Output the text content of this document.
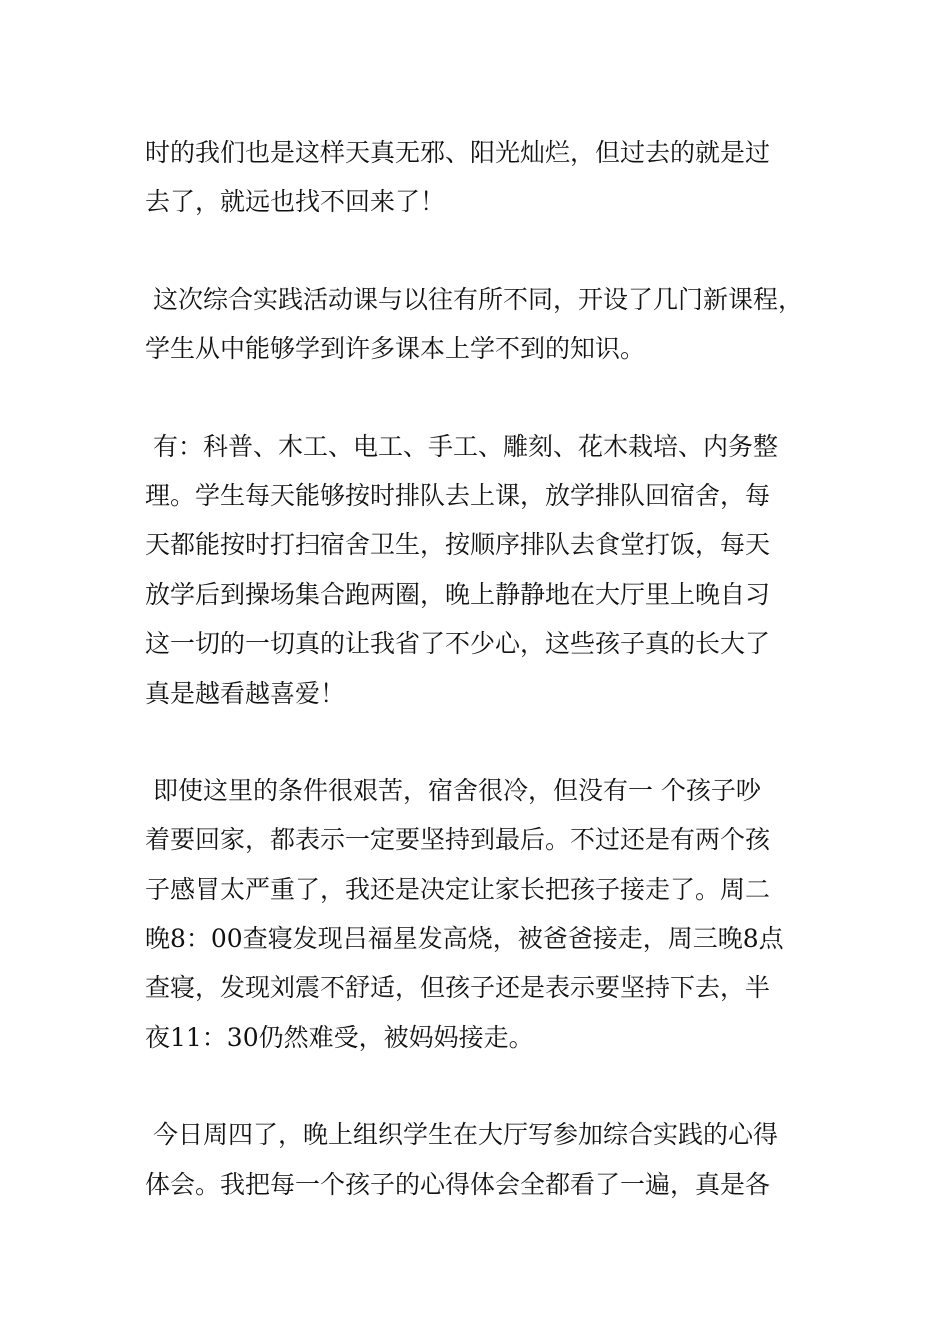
时的我们也是这样天真无邪、阳光灿烂，但过去的就是过
去了，就远也找不回来了！

这次综合实践活动课与以往有所不同，开设了几门新课程，
学生从中能够学到许多课本上学不到的知识。

有：科普、木工、电工、手工、雕刻、花木栽培、内务整
理。学生每天能够按时排队去上课，放学排队回宿舍，每
天都能按时打扫宿舍卫生，按顺序排队去食堂打饭，每天
放学后到操场集合跑两圈，晚上静静地在大厅里上晚自习
这一切的一切真的让我省了不少心，这些孩子真的长大了
真是越看越喜爱！

即使这里的条件很艰苦，宿舍很冷，但没有一 个孩子吵
着要回家，都表示一定要坚持到最后。不过还是有两个孩
子感冒太严重了，我还是决定让家长把孩子接走了。周二
晚8：00查寝发现吕福星发高烧，被爸爸接走，周三晚8点
查寝，发现刘震不舒适，但孩子还是表示要坚持下去，半
夜11：30仍然难受，被妈妈接走。

今日周四了，晚上组织学生在大厅写参加综合实践的心得
体会。我把每一个孩子的心得体会全都看了一遍，真是各
